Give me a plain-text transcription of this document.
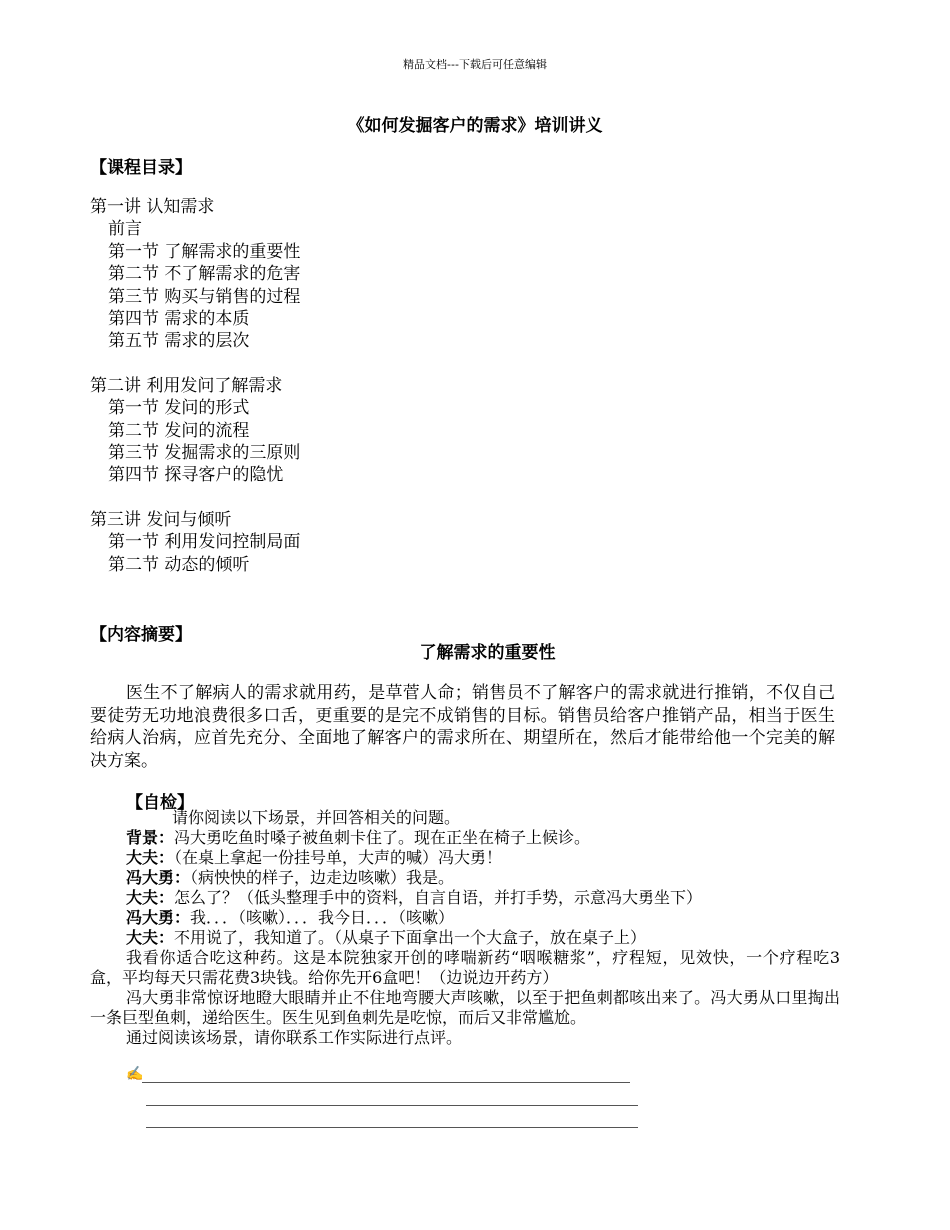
精品文档---下载后可任意编辑
《如何发掘客户的需求》培训讲义
【课程目录】
第一讲 认知需求
前言
第一节 了解需求的重要性
第二节 不了解需求的危害
第三节 购买与销售的过程
第四节 需求的本质
第五节 需求的层次
第二讲 利用发问了解需求
第一节 发问的形式
第二节 发问的流程
第三节 发掘需求的三原则
第四节 探寻客户的隐忧
第三讲 发问与倾听
第一节 利用发问控制局面
第二节 动态的倾听
【内容摘要】
了解需求的重要性
医生不了解病人的需求就用药，是草菅人命；销售员不了解客户的需求就进行推销，不仅自己要徒劳无功地浪费很多口舌，更重要的是完不成销售的目标。销售员给客户推销产品，相当于医生给病人治病，应首先充分、全面地了解客户的需求所在、期望所在，然后才能带给他一个完美的解决方案。
【自检】
请你阅读以下场景，并回答相关的问题。
背景：冯大勇吃鱼时嗓子被鱼刺卡住了。现在正坐在椅子上候诊。
大夫：（在桌上拿起一份挂号单，大声的喊）冯大勇！
冯大勇：（病怏怏的样子，边走边咳嗽）我是。
大夫：怎么了？（低头整理手中的资料，自言自语，并打手势，示意冯大勇坐下）
冯大勇：我．．．（咳嗽）．．．我今日．．．（咳嗽）
大夫：不用说了，我知道了。（从桌子下面拿出一个大盒子，放在桌子上）
我看你适合吃这种药。这是本院独家开创的哮喘新药“咽喉糖浆”，疗程短，见效快，一个疗程吃3盒，平均每天只需花费3块钱。给你先开6盒吧！（边说边开药方）
冯大勇非常惊讶地瞪大眼睛并止不住地弯腰大声咳嗽，以至于把鱼刺都咳出来了。冯大勇从口里掏出一条巨型鱼刺，递给医生。医生见到鱼刺先是吃惊，而后又非常尴尬。
通过阅读该场景，请你联系工作实际进行点评。
✍
